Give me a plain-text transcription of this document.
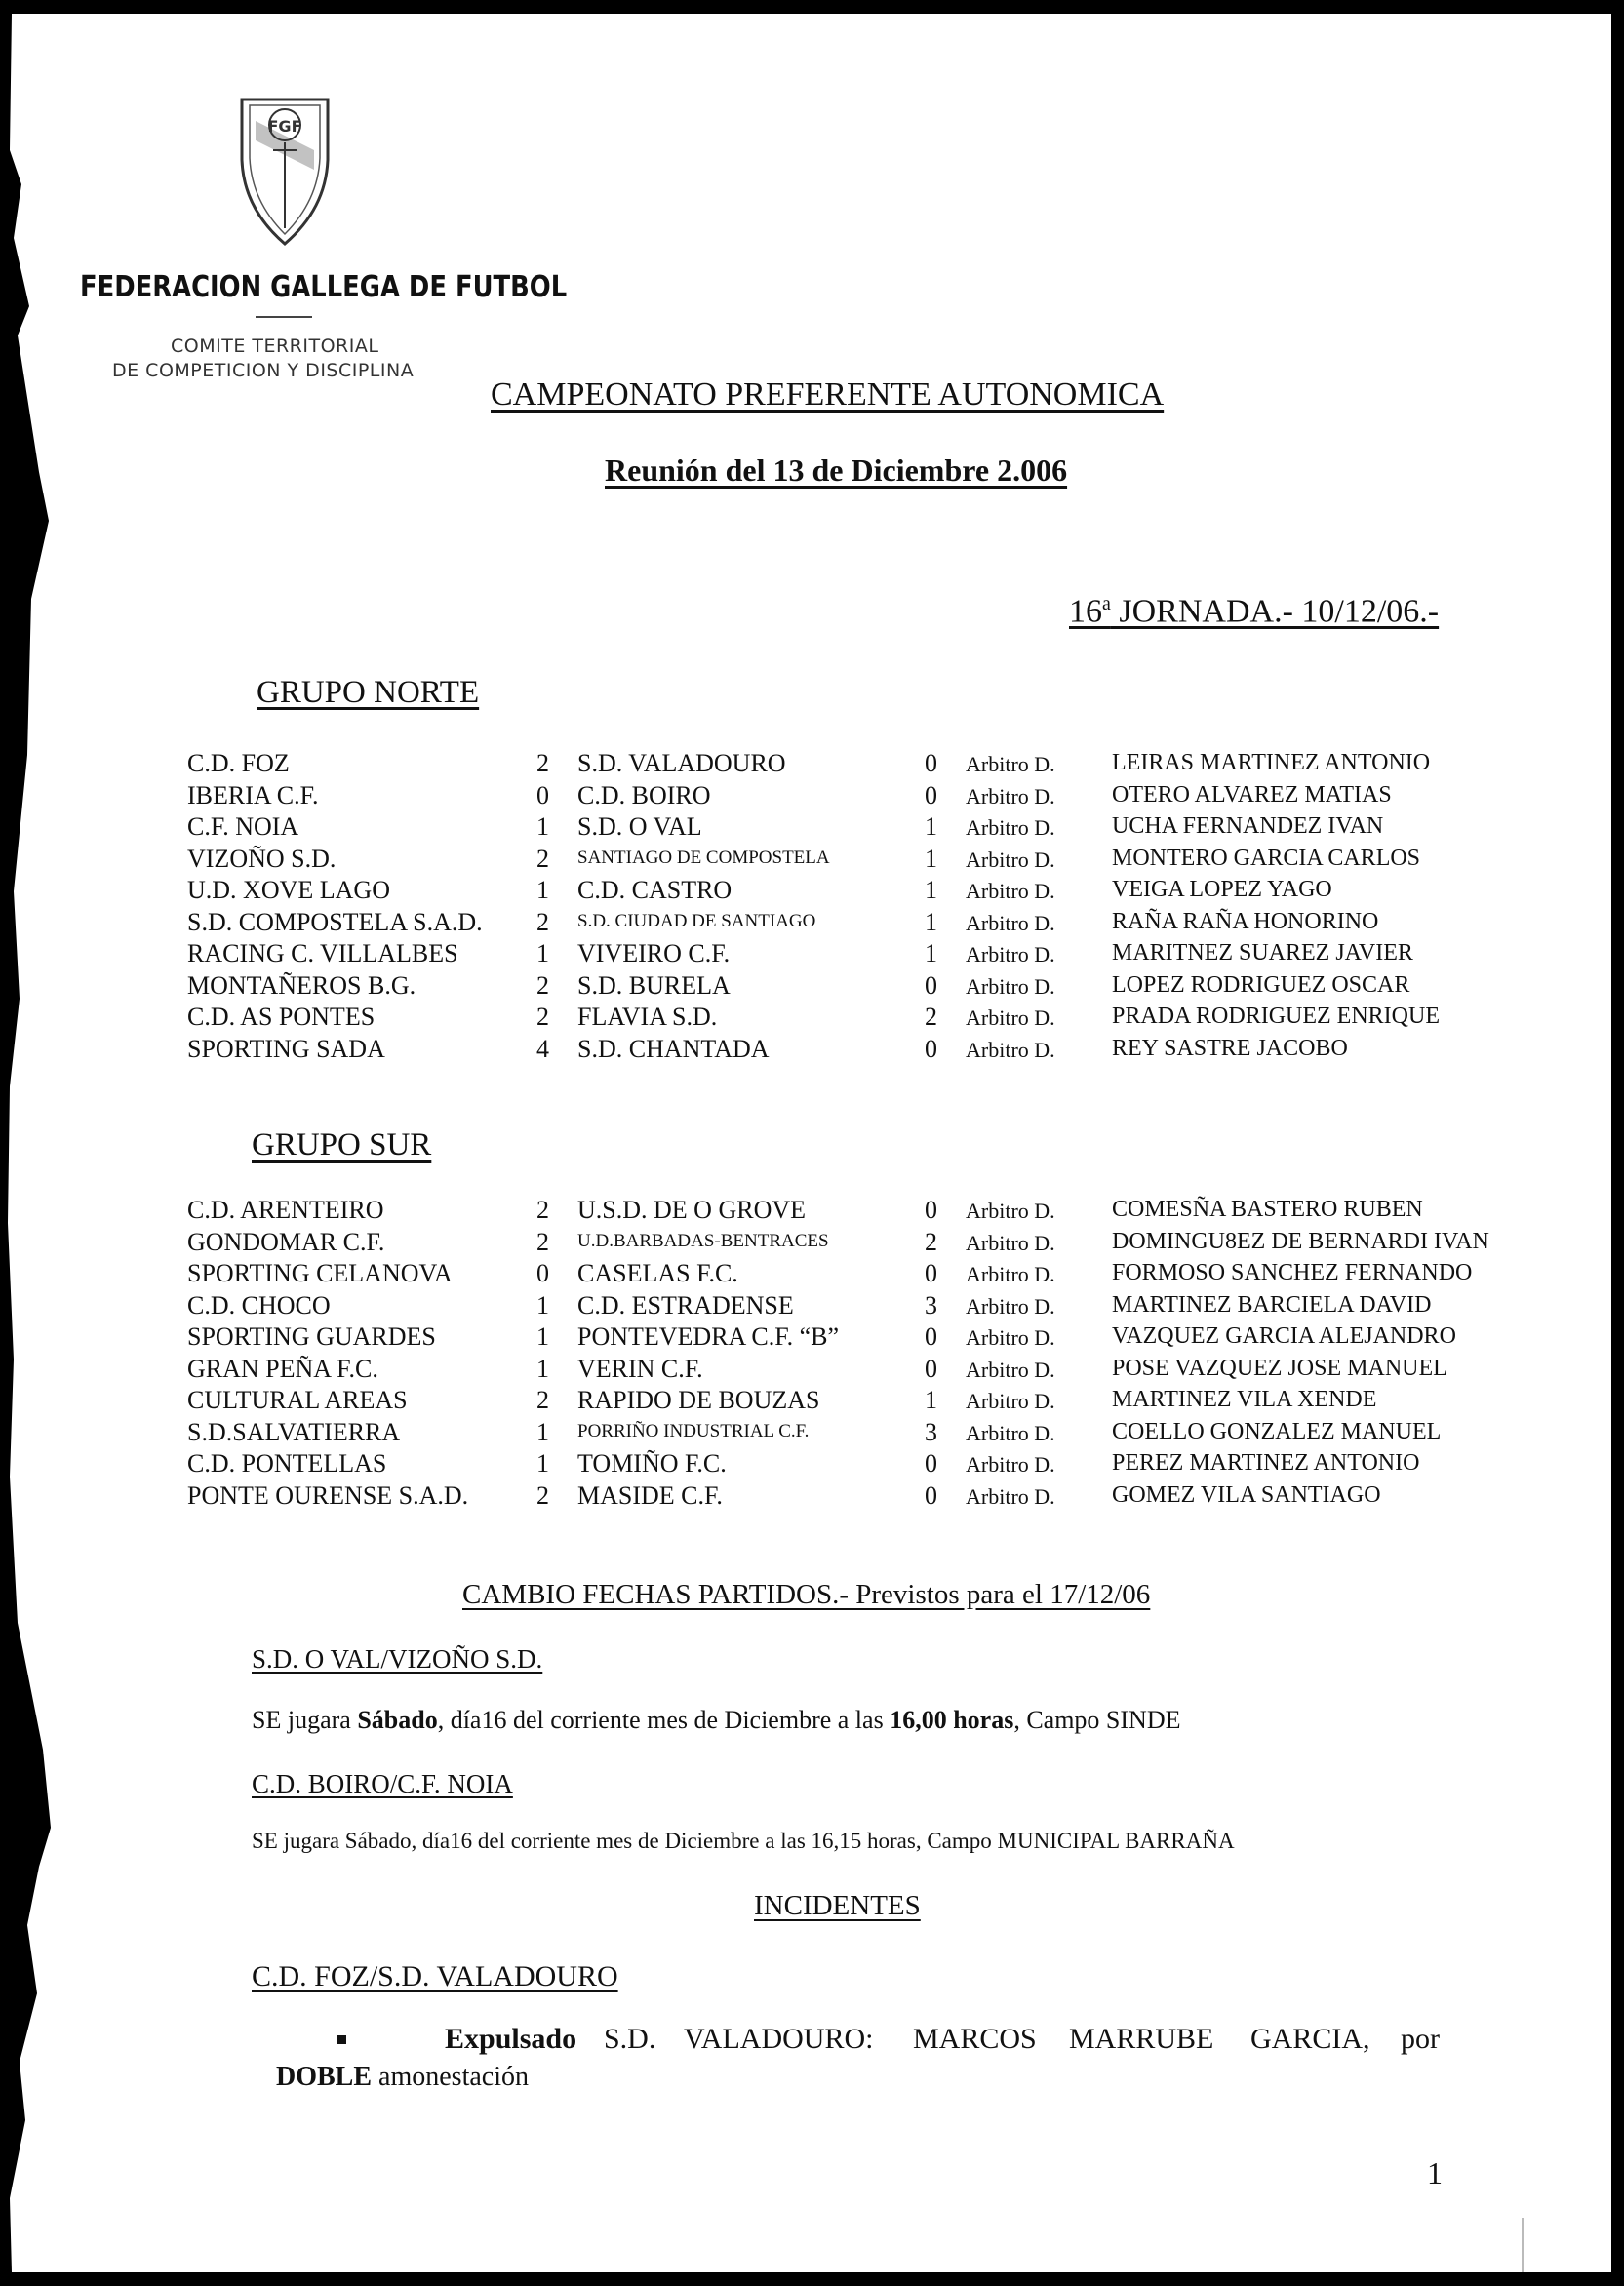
FGF
FEDERACION GALLEGA DE FUTBOL
COMITE TERRITORIAL
DE COMPETICION Y DISCIPLINA
CAMPEONATO PREFERENTE AUTONOMICA
Reunión del 13 de Diciembre 2.006
16$^a$ JORNADA.- 10/12/06.-
GRUPO NORTE
C.D. FOZ	2 S.D. VALADOURO	0 Arbitro D. LEIRAS MARTINEZ ANTONIO
IBERIA C.F.	0 C.D. BOIRO	0 Arbitro D. OTERO ALVAREZ MATIAS
C.F. NOIA	1 S.D. O VAL	1 Arbitro D. UCHA FERNANDEZ IVAN
VIZOÑO S.D.	2 SANTIAGO DE COMPOSTELA	1 Arbitro D. MONTERO GARCIA CARLOS
U.D. XOVE LAGO	1 C.D. CASTRO	1 Arbitro D. VEIGA LOPEZ YAGO
S.D. COMPOSTELA S.A.D. 2 S.D. CIUDAD DE SANTIAGO	1 Arbitro D. RAÑA RAÑA HONORINO
RACING C. VILLALBES	1 VIVEIRO C.F.	1 Arbitro D. MARITNEZ SUAREZ JAVIER
MONTAÑEROS B.G.	2 S.D. BURELA	0 Arbitro D. LOPEZ RODRIGUEZ OSCAR
C.D. AS PONTES	2 FLAVIA S.D.	2 Arbitro D. PRADA RODRIGUEZ ENRIQUE
SPORTING SADA	4 S.D. CHANTADA	0 Arbitro D. REY SASTRE JACOBO
GRUPO SUR
C.D. ARENTEIRO	2 U.S.D. DE O GROVE	0 Arbitro D. COMESÑA BASTERO RUBEN
GONDOMAR C.F.	2 U.D.BARBADAS-BENTRACES	2 Arbitro D. DOMINGU8EZ DE BERNARDI IVAN
SPORTING CELANOVA	0 CASELAS F.C.	0 Arbitro D. FORMOSO SANCHEZ FERNANDO
C.D. CHOCO	1 C.D. ESTRADENSE	3 Arbitro D. MARTINEZ BARCIELA DAVID
SPORTING GUARDES	1 PONTEVEDRA C.F. “B”	0 Arbitro D. VAZQUEZ GARCIA ALEJANDRO
GRAN PEÑA F.C.	1 VERIN C.F.	0 Arbitro D. POSE VAZQUEZ JOSE MANUEL
CULTURAL AREAS	2 RAPIDO DE BOUZAS	1 Arbitro D. MARTINEZ VILA XENDE
S.D.SALVATIERRA	1 PORRIÑO INDUSTRIAL C.F.	3 Arbitro D. COELLO GONZALEZ MANUEL
C.D. PONTELLAS	1 TOMIÑO F.C.	0 Arbitro D. PEREZ MARTINEZ ANTONIO
PONTE OURENSE S.A.D.	2 MASIDE C.F.	0 Arbitro D. GOMEZ VILA SANTIAGO
CAMBIO FECHAS PARTIDOS.- Previstos para el 17/12/06
S.D. O VAL/VIZOÑO S.D.
SE jugara Sábado, día16 del corriente mes de Diciembre a las 16,00 horas, Campo SINDE
C.D. BOIRO/C.F. NOIA
SE jugara Sábado, día16 del corriente mes de Diciembre a las 16,15 horas, Campo MUNICIPAL BARRAÑA
INCIDENTES
C.D. FOZ/S.D. VALADOURO
Expulsado S.D. VALADOURO: MARCOS MARRUBE GARCIA, por
DOBLE amonestación
1
